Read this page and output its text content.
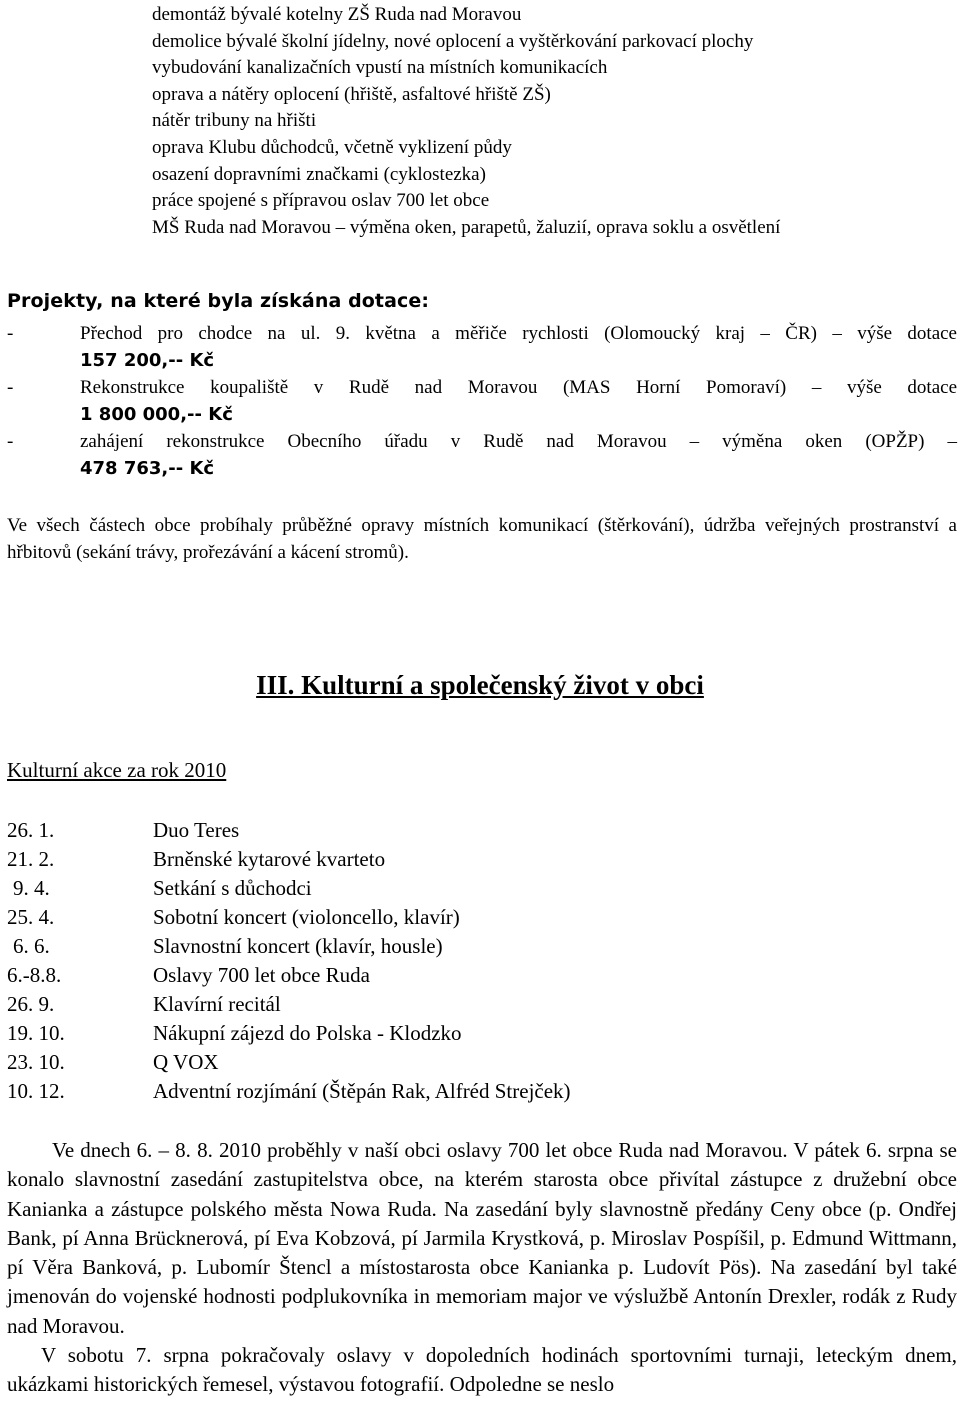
demontáž bývalé kotelny ZŠ Ruda nad Moravou
demolice bývalé školní jídelny, nové oplocení a vyštěrkování parkovací plochy
vybudování kanalizačních vpustí na místních komunikacích
oprava a nátěry oplocení (hřiště, asfaltové hřiště ZŠ)
nátěr tribuny na hřišti
oprava Klubu důchodců, včetně vyklizení půdy
osazení dopravními značkami (cyklostezka)
práce spojené s přípravou oslav 700 let obce
MŠ Ruda nad Moravou – výměna oken, parapetů, žaluzií, oprava soklu a osvětlení
Projekty, na které byla získána dotace:
-	Přechod pro chodce na ul. 9. května a měřiče rychlosti (Olomoucký kraj – ČR) – výše dotace
157 200,-- Kč
-	Rekonstrukce koupaliště v Rudě nad Moravou (MAS Horní Pomoraví) – výše dotace
1 800 000,-- Kč
-	zahájení rekonstrukce Obecního úřadu v Rudě nad Moravou – výměna oken (OPŽP) –
478 763,-- Kč

Ve všech částech obce probíhaly průběžné opravy místních komunikací (štěrkování), údržba veřejných prostranství a hřbitovů (sekání trávy, prořezávání a kácení stromů).

III. Kulturní a společenský život v obci

Kulturní akce za rok 2010

26. 1.	Duo Teres
21. 2.	Brněnské kytarové kvarteto
9. 4.	Setkání s důchodci
25. 4.	Sobotní koncert (violoncello, klavír)
6. 6.	Slavnostní koncert (klavír, housle)
6.-8.8.	Oslavy 700 let obce Ruda
26. 9.	Klavírní recitál
19. 10.	Nákupní zájezd do Polska - Klodzko
23. 10.	Q VOX
10. 12.	Adventní rozjímání (Štěpán Rak, Alfréd Strejček)

Ve dnech 6. – 8. 8. 2010 proběhly v naší obci oslavy 700 let obce Ruda nad Moravou. V pátek 6. srpna se konalo slavnostní zasedání zastupitelstva obce, na kterém starosta obce přivítal zástupce z družební obce Kanianka a zástupce polského města Nowa Ruda. Na zasedání byly slavnostně předány Ceny obce (p. Ondřej Bank, pí Anna Brücknerová, pí Eva Kobzová, pí Jarmila Krystková, p. Miroslav Pospíšil, p. Edmund Wittmann, pí Věra Banková, p. Lubomír Štencl a místostarosta obce Kanianka p. Ludovít Pös). Na zasedání byl také jmenován do vojenské hodnosti podplukovníka in memoriam major ve výslužbě Antonín Drexler, rodák z Rudy nad Moravou.

V sobotu 7. srpna pokračovaly oslavy v dopoledních hodinách sportovními turnaji, leteckým dnem, ukázkami historických řemesel, výstavou fotografií. Odpoledne se neslo
